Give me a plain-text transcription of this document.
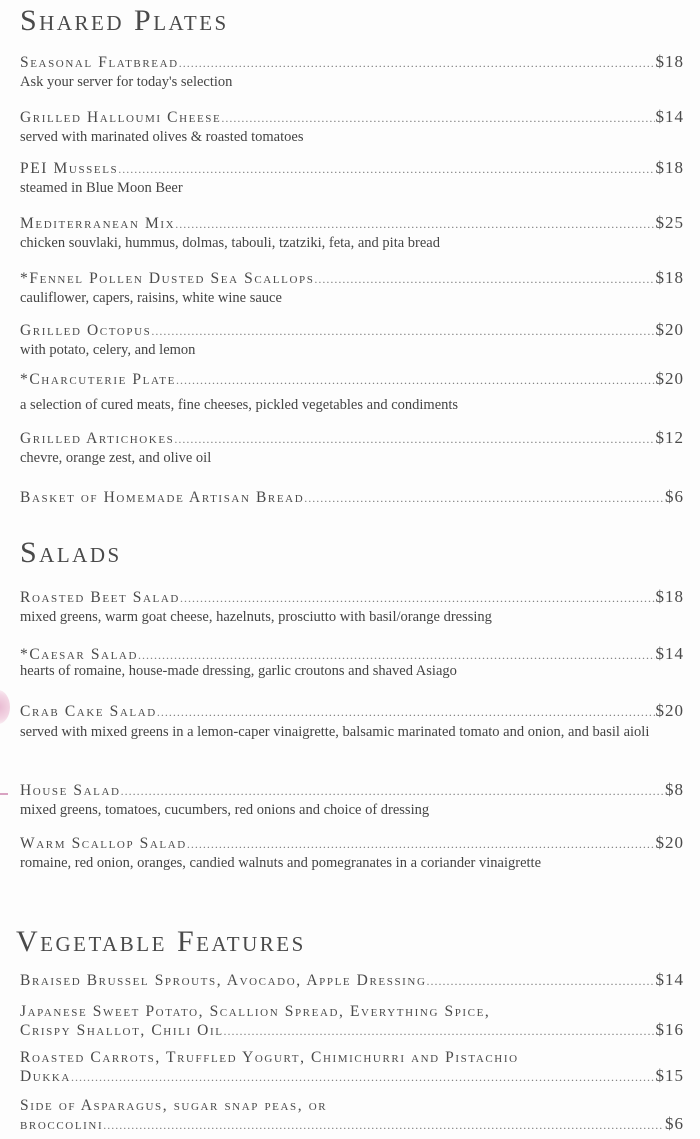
Shared Plates
Seasonal Flatbread .....	$18
Ask your server for today's selection
Grilled Halloumi Cheese .....	$14
served with marinated olives & roasted tomatoes
PEI Mussels .....	$18
steamed in Blue Moon Beer
Mediterranean Mix .....	$25
chicken souvlaki, hummus, dolmas, tabouli, tzatziki, feta, and pita bread
*Fennel Pollen Dusted Sea Scallops .....	$18
cauliflower, capers, raisins, white wine sauce
Grilled Octopus .....	$20
with potato, celery, and lemon
*Charcuterie Plate .....	$20
a selection of cured meats, fine cheeses, pickled vegetables and condiments
Grilled Artichokes .....	$12
chevre, orange zest, and olive oil
Basket of Homemade Artisan Bread .....	$6
Salads
Roasted Beet Salad .....	$18
mixed greens, warm goat cheese, hazelnuts, prosciutto with basil/orange dressing
*Caesar Salad .....	$14
hearts of romaine, house-made dressing, garlic croutons and shaved Asiago
Crab Cake Salad .....	$20
served with mixed greens in a lemon-caper vinaigrette, balsamic marinated tomato and onion, and basil aioli
House Salad .....	$8
mixed greens, tomatoes, cucumbers, red onions and choice of dressing
Warm Scallop Salad .....	$20
romaine, red onion, oranges, candied walnuts and pomegranates in a coriander vinaigrette
Vegetable Features
Braised Brussel Sprouts, Avocado, Apple Dressing .....	$14
Japanese Sweet Potato, Scallion Spread, Everything Spice,
Crispy Shallot, Chili Oil .....	$16
Roasted Carrots, Truffled Yogurt, Chimichurri and Pistachio
Dukka .....	$15
Side of Asparagus, sugar snap peas, or
broccolini .....	$6
